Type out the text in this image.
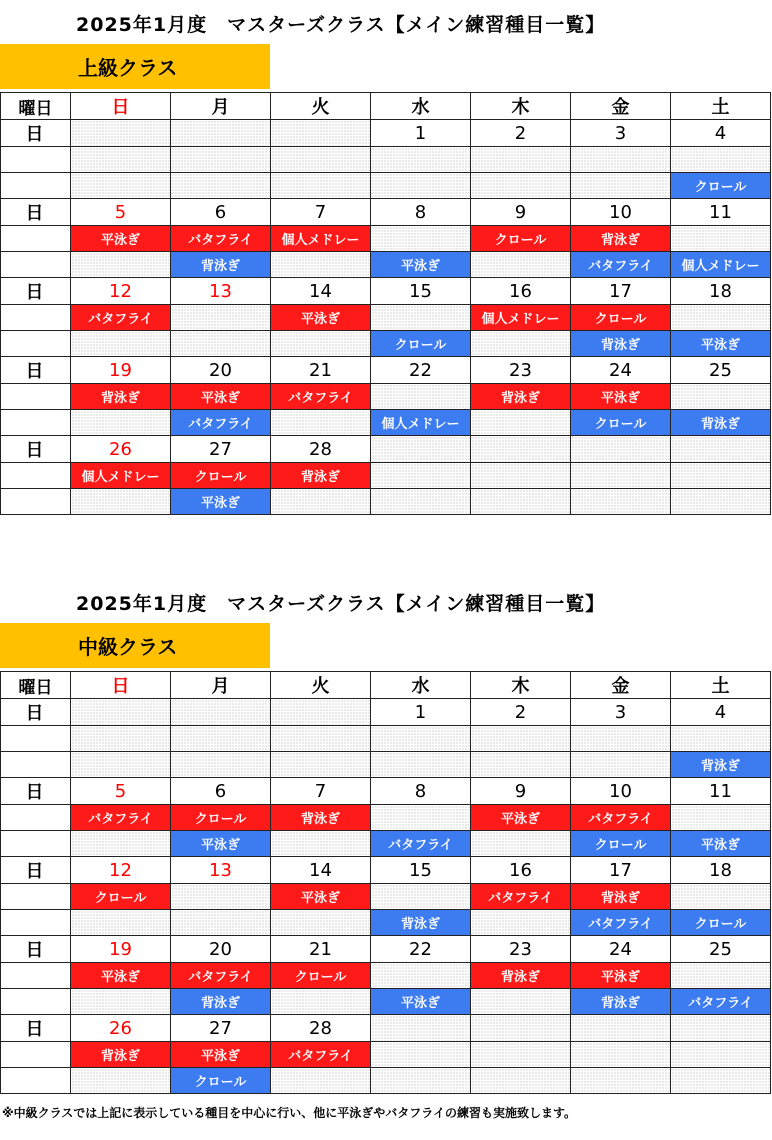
2025年1月度　マスターズクラス【メイン練習種目一覧】
上級クラス
曜日	日	月	火	水	木	金	土
日				1	2	3	4
AM							
PM							クロール
日	5	6	7	8	9	10	11
AM	平泳ぎ	バタフライ	個人メドレー		クロール	背泳ぎ	
PM		背泳ぎ		平泳ぎ		バタフライ	個人メドレー
日	12	13	14	15	16	17	18
AM	バタフライ		平泳ぎ		個人メドレー	クロール	
PM				クロール		背泳ぎ	平泳ぎ
日	19	20	21	22	23	24	25
AM	背泳ぎ	平泳ぎ	バタフライ		背泳ぎ	平泳ぎ	
PM		バタフライ		個人メドレー		クロール	背泳ぎ
日	26	27	28				
AM	個人メドレー	クロール	背泳ぎ				
PM		平泳ぎ					
2025年1月度　マスターズクラス【メイン練習種目一覧】
中級クラス
曜日	日	月	火	水	木	金	土
日				1	2	3	4
AM							
PM							背泳ぎ
日	5	6	7	8	9	10	11
AM	バタフライ	クロール	背泳ぎ		平泳ぎ	バタフライ	
PM		平泳ぎ		バタフライ		クロール	平泳ぎ
日	12	13	14	15	16	17	18
AM	クロール		平泳ぎ		バタフライ	背泳ぎ	
PM				背泳ぎ		バタフライ	クロール
日	19	20	21	22	23	24	25
AM	平泳ぎ	バタフライ	クロール		背泳ぎ	平泳ぎ	
PM		背泳ぎ		平泳ぎ		背泳ぎ	バタフライ
日	26	27	28				
AM	背泳ぎ	平泳ぎ	バタフライ				
PM		クロール					
※中級クラスでは上記に表示している種目を中心に行い、他に平泳ぎやバタフライの練習も実施致します。
